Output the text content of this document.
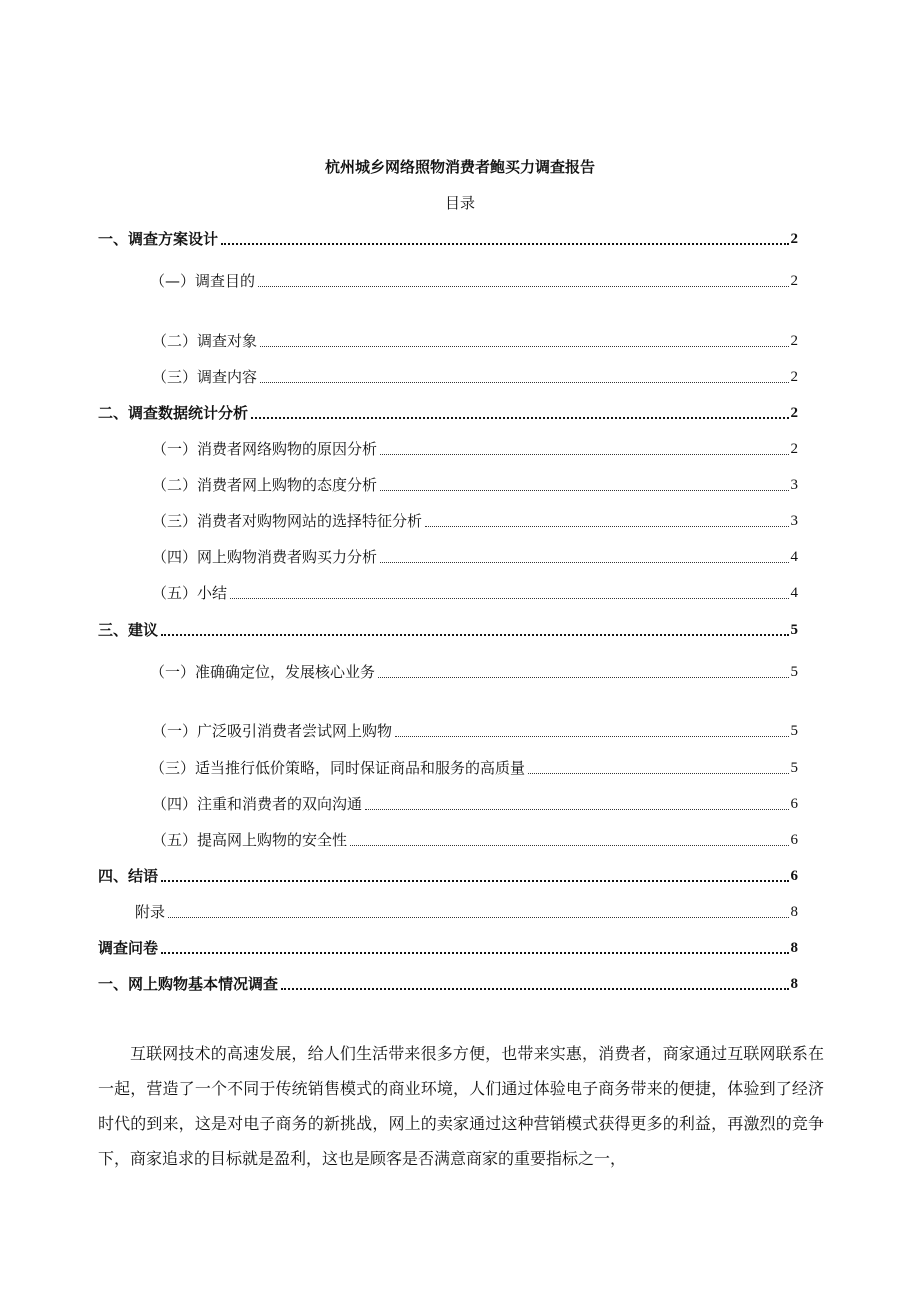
杭州城乡网络照物消费者鲍买力调查报告
目录
一、调查方案设计	2
（—）调查目的	2
（二）调查对象	2
（三）调查内容	2
二、调查数据统计分析	2
（一）消费者网络购物的原因分析	2
（二）消费者网上购物的态度分析	3
（三）消费者对购物网站的选择特征分析	3
（四）网上购物消费者购买力分析	4
（五）小结	4
三、建议	5
（一）准确确定位，发展核心业务	5
（一）广泛吸引消费者尝试网上购物	5
（三）适当推行低价策略，同时保证商品和服务的高质量	5
（四）注重和消费者的双向沟通	6
（五）提高网上购物的安全性	6
四、结语	6
附录	8
调查问卷	8
一、网上购物基本情况调查	8
互联网技术的高速发展，给人们生活带来很多方便，也带来实惠，消费者，商家通过互联网联系在一起，营造了一个不同于传统销售模式的商业环境，人们通过体验电子商务带来的便捷，体验到了经济时代的到来，这是对电子商务的新挑战，网上的卖家通过这种营销模式获得更多的利益，再激烈的竞争下，商家追求的目标就是盈利，这也是顾客是否满意商家的重要指标之一，
